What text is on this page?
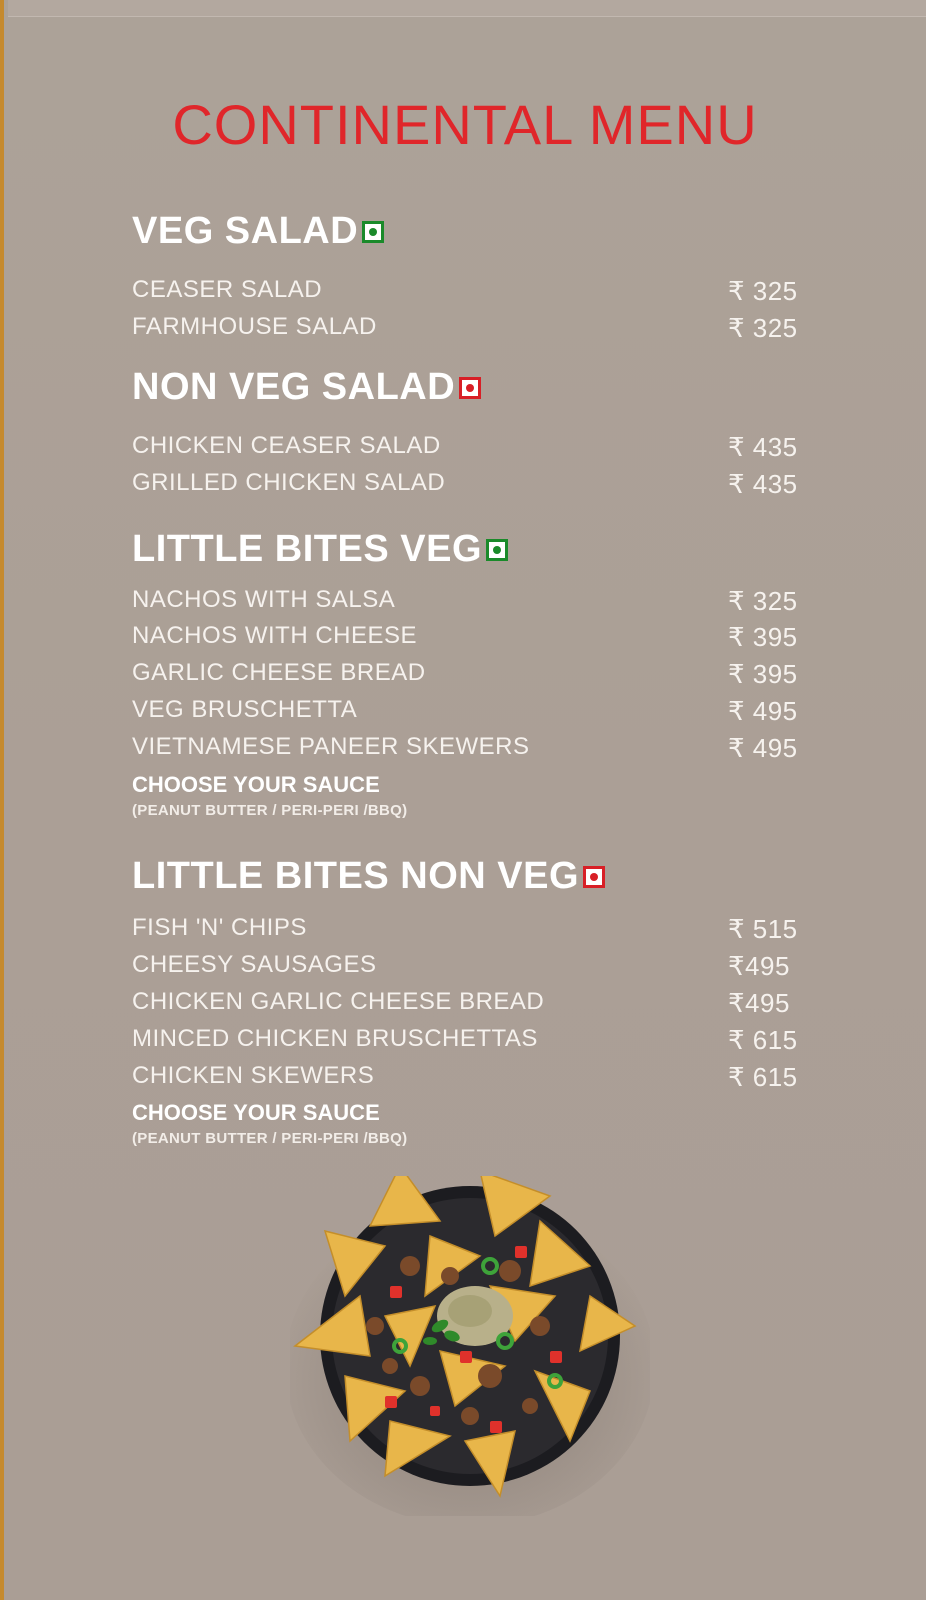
CONTINENTAL MENU
VEG SALAD
CEASER SALAD	₹ 325
FARMHOUSE SALAD	₹ 325
NON VEG SALAD
CHICKEN CEASER SALAD	₹ 435
GRILLED CHICKEN SALAD	₹ 435
LITTLE BITES VEG
NACHOS WITH SALSA	₹ 325
NACHOS WITH CHEESE	₹ 395
GARLIC CHEESE BREAD	₹ 395
VEG BRUSCHETTA	₹ 495
VIETNAMESE PANEER SKEWERS	₹ 495
CHOOSE YOUR SAUCE
(PEANUT BUTTER / PERI-PERI /BBQ)
LITTLE BITES NON VEG
FISH 'N' CHIPS	₹ 515
CHEESY SAUSAGES	₹495
CHICKEN GARLIC CHEESE BREAD	₹495
MINCED CHICKEN BRUSCHETTAS	₹ 615
CHICKEN SKEWERS	₹ 615
CHOOSE YOUR SAUCE
(PEANUT BUTTER / PERI-PERI /BBQ)
